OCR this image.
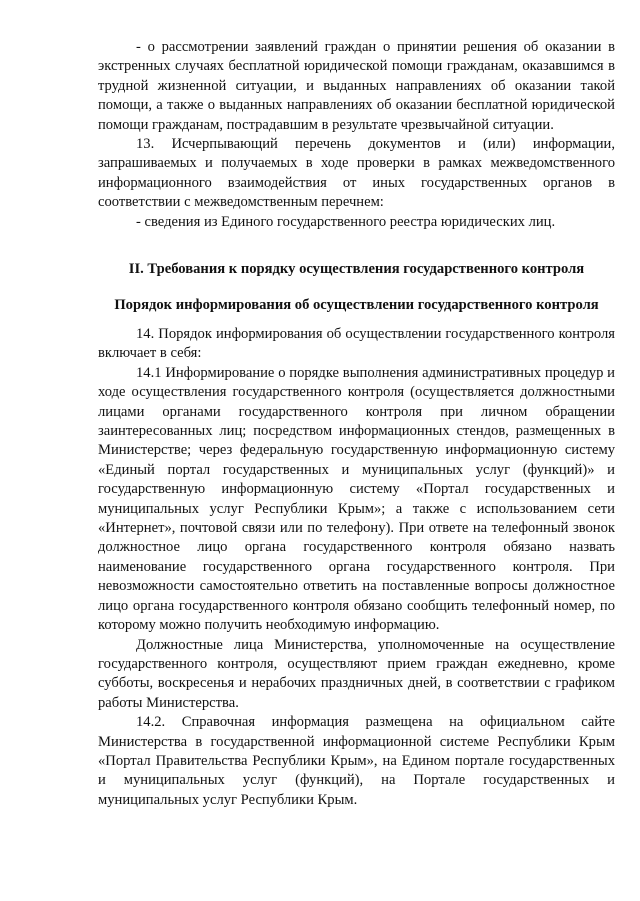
- о рассмотрении заявлений граждан о принятии решения об оказании в экстренных случаях бесплатной юридической помощи гражданам, оказавшимся в трудной жизненной ситуации, и выданных направлениях об оказании такой помощи, а также о выданных направлениях об оказании бесплатной юридической помощи гражданам, пострадавшим в результате чрезвычайной ситуации.

13. Исчерпывающий перечень документов и (или) информации, запрашиваемых и получаемых в ходе проверки в рамках межведомственного информационного взаимодействия от иных государственных органов в соответствии с межведомственным перечнем:

- сведения из Единого государственного реестра юридических лиц.

II. Требования к порядку осуществления государственного контроля

Порядок информирования об осуществлении государственного контроля

14. Порядок информирования об осуществлении государственного контроля включает в себя:

14.1 Информирование о порядке выполнения административных процедур и ходе осуществления государственного контроля (осуществляется должностными лицами органами государственного контроля при личном обращении заинтересованных лиц; посредством информационных стендов, размещенных в Министерстве; через федеральную государственную информационную систему «Единый портал государственных и муниципальных услуг (функций)» и государственную информационную систему «Портал государственных и муниципальных услуг Республики Крым»; а также с использованием сети «Интернет», почтовой связи или по телефону). При ответе на телефонный звонок должностное лицо органа государственного контроля обязано назвать наименование государственного органа государственного контроля. При невозможности самостоятельно ответить на поставленные вопросы должностное лицо органа государственного контроля обязано сообщить телефонный номер, по которому можно получить необходимую информацию.

Должностные лица Министерства, уполномоченные на осуществление государственного контроля, осуществляют прием граждан ежедневно, кроме субботы, воскресенья и нерабочих праздничных дней, в соответствии с графиком работы Министерства.

14.2. Справочная информация размещена на официальном сайте Министерства в государственной информационной системе Республики Крым «Портал Правительства Республики Крым», на Едином портале государственных и муниципальных услуг (функций), на Портале государственных и муниципальных услуг Республики Крым.
